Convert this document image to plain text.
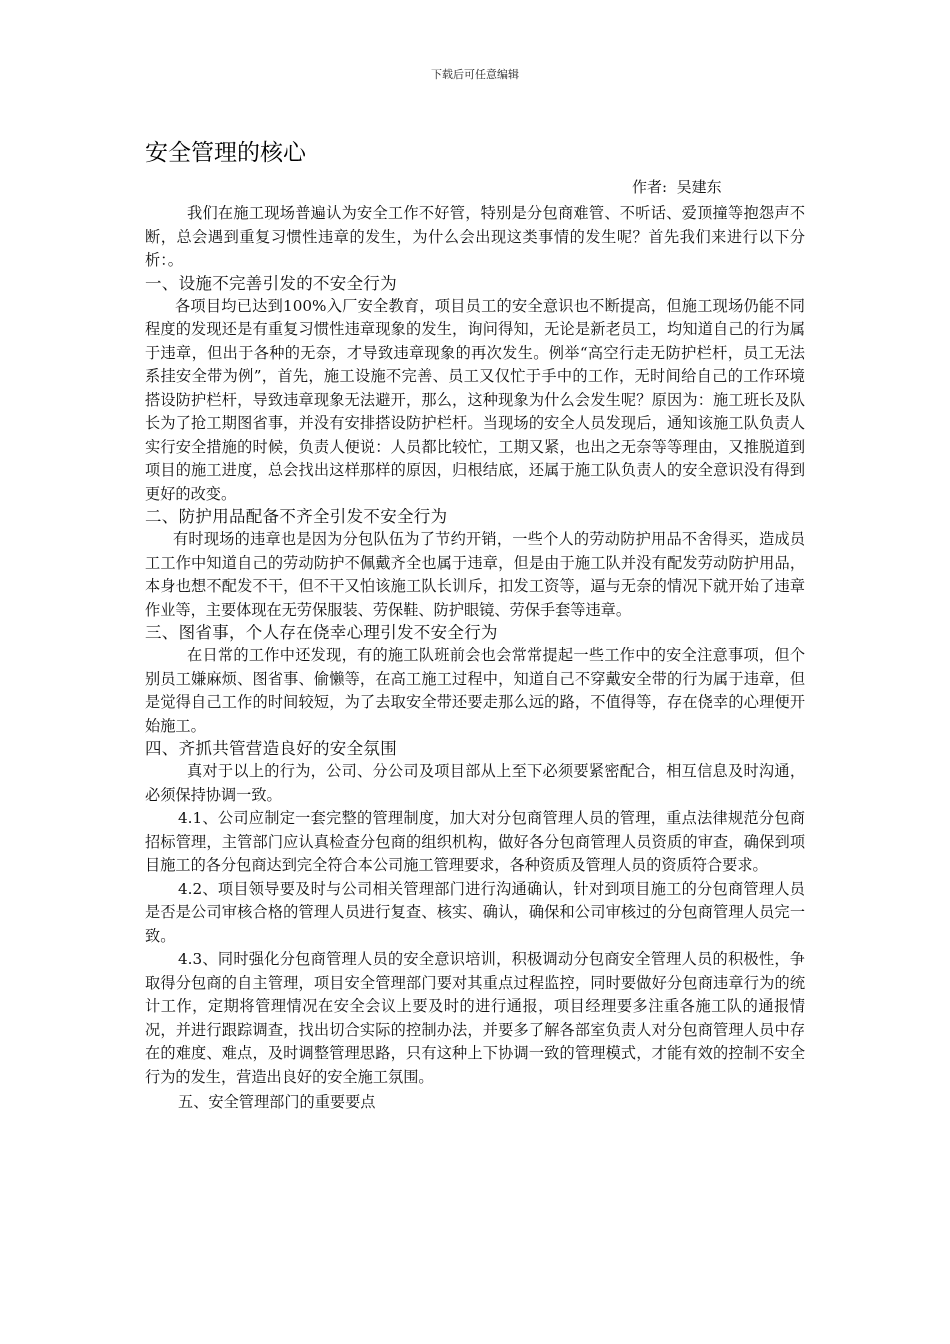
下载后可任意编辑
安全管理的核心
作者:  吴建东

我们在施工现场普遍认为安全工作不好管，特别是分包商难管、不听话、爱顶撞等抱怨声不断，总会遇到重复习惯性违章的发生，为什么会出现这类事情的发生呢？首先我们来进行以下分析：。

一、设施不完善引发的不安全行为

各项目均已达到100%入厂安全教育，项目员工的安全意识也不断提高，但施工现场仍能不同程度的发现还是有重复习惯性违章现象的发生，询问得知，无论是新老员工，均知道自己的行为属于违章，但出于各种的无奈，才导致违章现象的再次发生。例举“高空行走无防护栏杆，员工无法系挂安全带为例”，首先，施工设施不完善、员工又仅忙于手中的工作，无时间给自己的工作环境搭设防护栏杆，导致违章现象无法避开，那么，这种现象为什么会发生呢？原因为：施工班长及队长为了抢工期图省事，并没有安排搭设防护栏杆。当现场的安全人员发现后，通知该施工队负责人实行安全措施的时候，负责人便说：人员都比较忙，工期又紧，也出之无奈等等理由，又推脱道到项目的施工进度，总会找出这样那样的原因，归根结底，还属于施工队负责人的安全意识没有得到更好的改变。

二、防护用品配备不齐全引发不安全行为

有时现场的违章也是因为分包队伍为了节约开销，一些个人的劳动防护用品不舍得买，造成员工工作中知道自己的劳动防护不佩戴齐全也属于违章，但是由于施工队并没有配发劳动防护用品，本身也想不配发不干，但不干又怕该施工队长训斥，扣发工资等，逼与无奈的情况下就开始了违章作业等，主要体现在无劳保服装、劳保鞋、防护眼镜、劳保手套等违章。

三、图省事，个人存在侥幸心理引发不安全行为

在日常的工作中还发现，有的施工队班前会也会常常提起一些工作中的安全注意事项，但个别员工嫌麻烦、图省事、偷懒等，在高工施工过程中，知道自己不穿戴安全带的行为属于违章，但是觉得自己工作的时间较短，为了去取安全带还要走那么远的路，不值得等，存在侥幸的心理便开始施工。

四、齐抓共管营造良好的安全氛围

真对于以上的行为，公司、分公司及项目部从上至下必须要紧密配合，相互信息及时沟通，必须保持协调一致。

4.1、公司应制定一套完整的管理制度，加大对分包商管理人员的管理，重点法律规范分包商招标管理，主管部门应认真检查分包商的组织机构，做好各分包商管理人员资质的审查，确保到项目施工的各分包商达到完全符合本公司施工管理要求，各种资质及管理人员的资质符合要求。

4.2、项目领导要及时与公司相关管理部门进行沟通确认，针对到项目施工的分包商管理人员是否是公司审核合格的管理人员进行复查、核实、确认，确保和公司审核过的分包商管理人员完一致。

4.3、同时强化分包商管理人员的安全意识培训，积极调动分包商安全管理人员的积极性，争取得分包商的自主管理，项目安全管理部门要对其重点过程监控，同时要做好分包商违章行为的统计工作，定期将管理情况在安全会议上要及时的进行通报，项目经理要多注重各施工队的通报情况，并进行跟踪调查，找出切合实际的控制办法，并要多了解各部室负责人对分包商管理人员中存在的难度、难点，及时调整管理思路，只有这种上下协调一致的管理模式，才能有效的控制不安全行为的发生，营造出良好的安全施工氛围。

五、安全管理部门的重要要点
